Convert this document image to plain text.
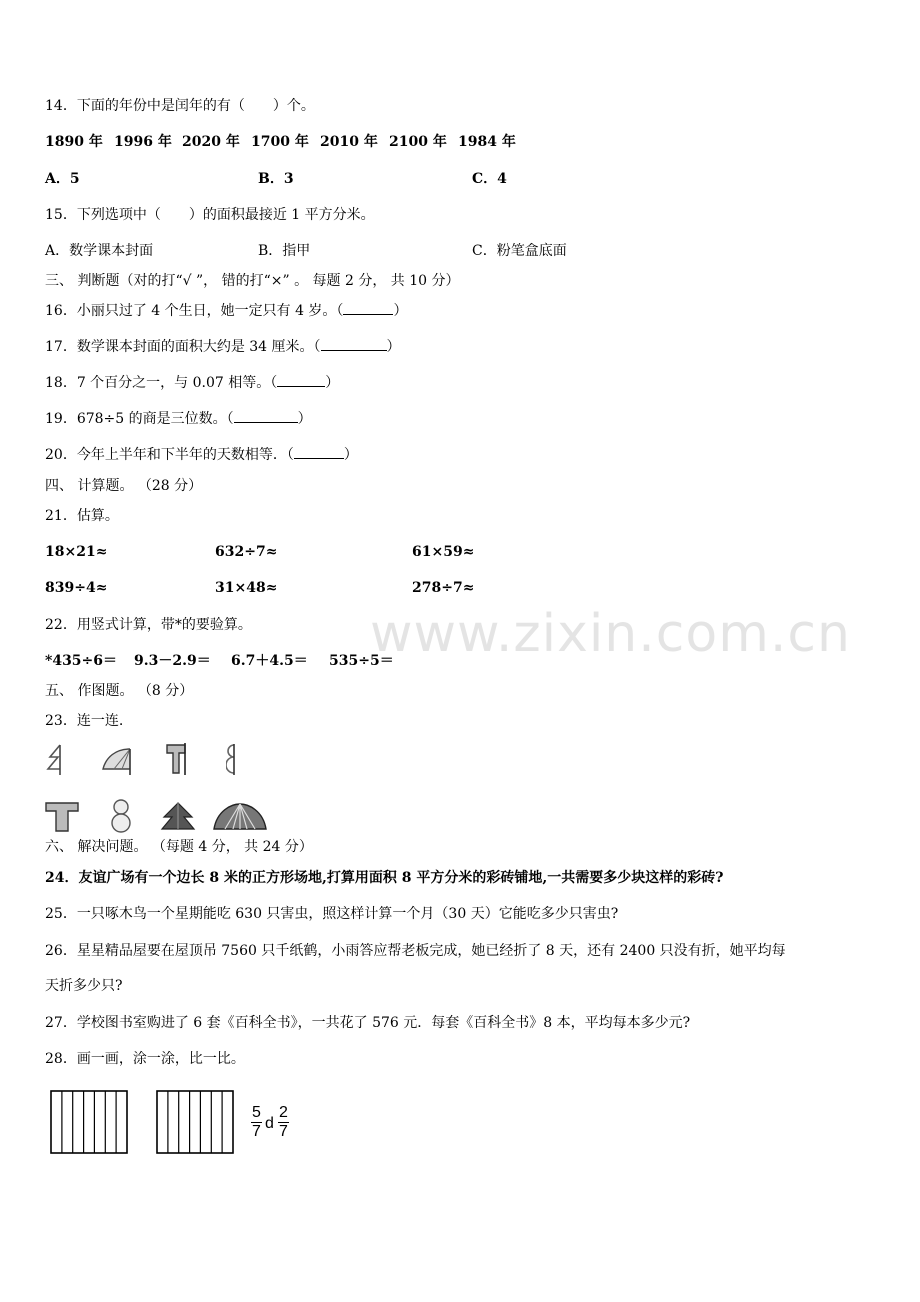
www.zixin.com.cn
14．下面的年份中是闰年的有（　　）个。
1890 年 1996 年 2020 年 1700 年 2010 年 2100 年 1984 年
A．5	B．3	C．4
15．下列选项中（　　）的面积最接近 1 平方分米。
A．数学课本封面	B．指甲	C．粉笔盒底面
三、 判断题（对的打“√ ”， 错的打“×” 。 每题 2 分， 共 10 分）
16．小丽只过了 4 个生日，她一定只有 4 岁。（	）
17．数学课本封面的面积大约是 34 厘米。（	）
18．7 个百分之一，与 0.07 相等。（	）
19．678÷5 的商是三位数。（	）
20．今年上半年和下半年的天数相等．（	）
四、 计算题。 （28 分）
21．估算。
18×21≈	632÷7≈	61×59≈
839÷4≈	31×48≈	278÷7≈
22．用竖式计算，带*的要验算。
*435÷6＝ 9.3－2.9＝ 6.7＋4.5＝ 535÷5＝
五、 作图题。 （8 分）
23．连一连.
六、 解决问题。 （每题 4 分， 共 24 分）
24．友谊广场有一个边长 8 米的正方形场地,打算用面积 8 平方分米的彩砖铺地,一共需要多少块这样的彩砖?
25．一只啄木鸟一个星期能吃 630 只害虫，照这样计算一个月（30 天）它能吃多少只害虫?
26．星星精品屋要在屋顶吊 7560 只千纸鹤，小雨答应帮老板完成，她已经折了 8 天，还有 2400 只没有折，她平均每
天折多少只?
27．学校图书室购进了 6 套《百科全书》，一共花了 576 元．每套《百科全书》8 本，平均每本多少元?
28．画一画，涂一涂，比一比。
$\frac{5}{7}$ d $\frac{2}{7}$
